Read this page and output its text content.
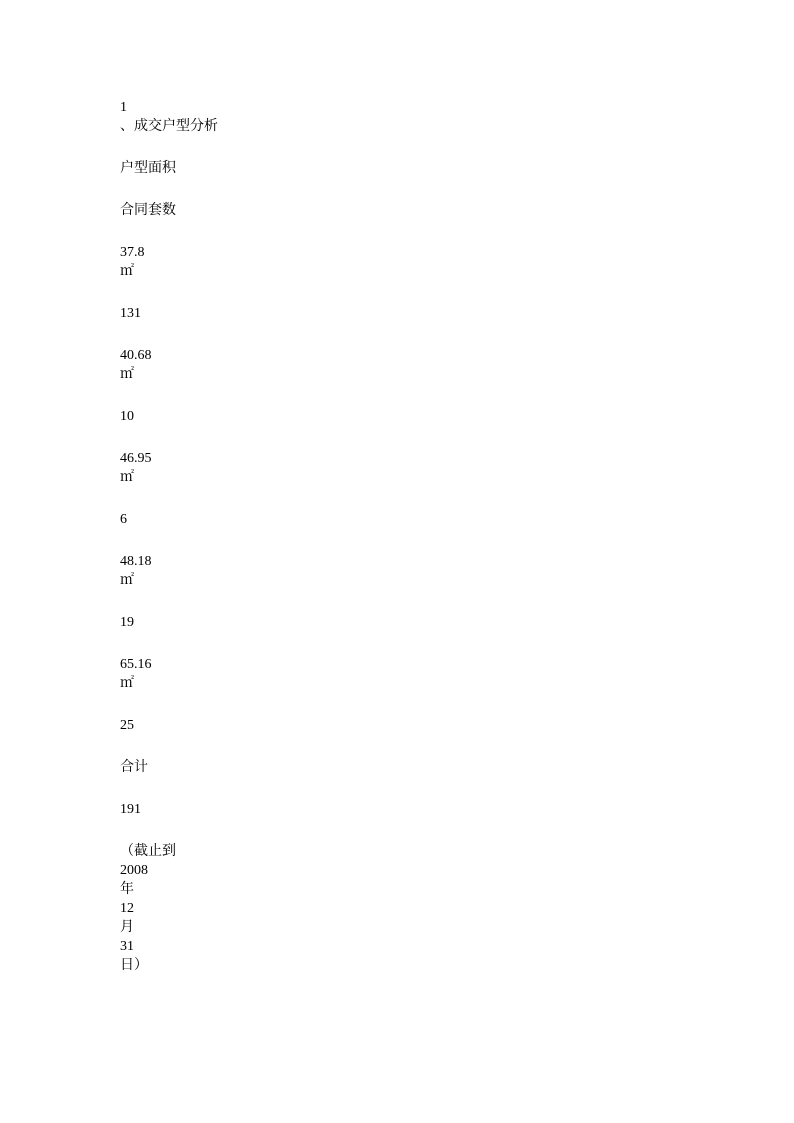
1
、成交户型分析
户型面积
合同套数
37.8
㎡
131
40.68
㎡
10
46.95
㎡
6
48.18
㎡
19
65.16
㎡
25
合计
191
（截止到
2008
年
12
月
31
日）
